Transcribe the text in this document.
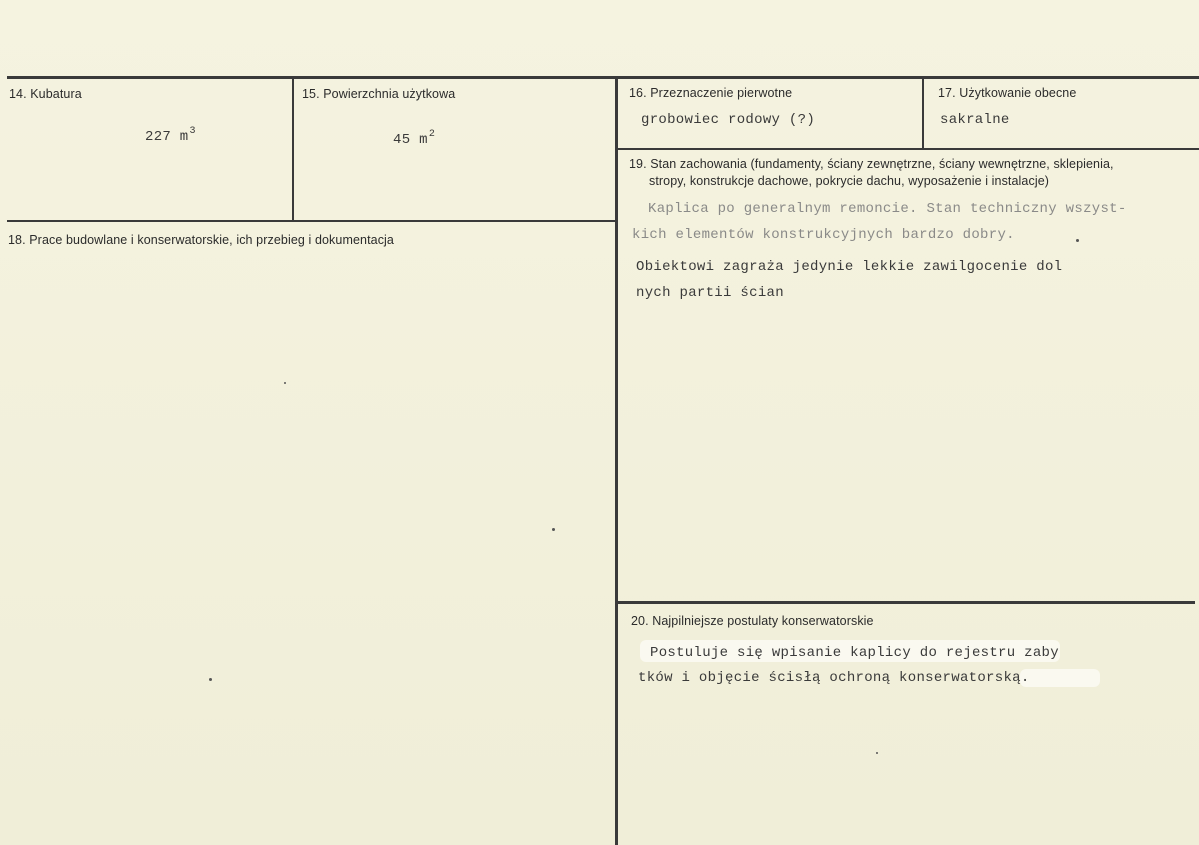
14. Kubatura
227 $m^3$
15. Powierzchnia użytkowa
45 $m^2$
16. Przeznaczenie pierwotne
grobowiec rodowy (?)
17. Użytkowanie obecne
sakralne
18. Prace budowlane i konserwatorskie, ich przebieg i dokumentacja
19. Stan zachowania (fundamenty, ściany zewnętrzne, ściany wewnętrzne, sklepienia,
stropy, konstrukcje dachowe, pokrycie dachu, wyposażenie i instalacje)
Kaplica po generalnym remoncie. Stan techniczny wszyst-
kich elementów konstrukcyjnych bardzo dobry.
Obiektowi zagraża jedynie lekkie zawilgocenie dol
nych partii ścian
20. Najpilniejsze postulaty konserwatorskie
Postuluje się wpisanie kaplicy do rejestru zaby
tków i objęcie ścisłą ochroną konserwatorską.
